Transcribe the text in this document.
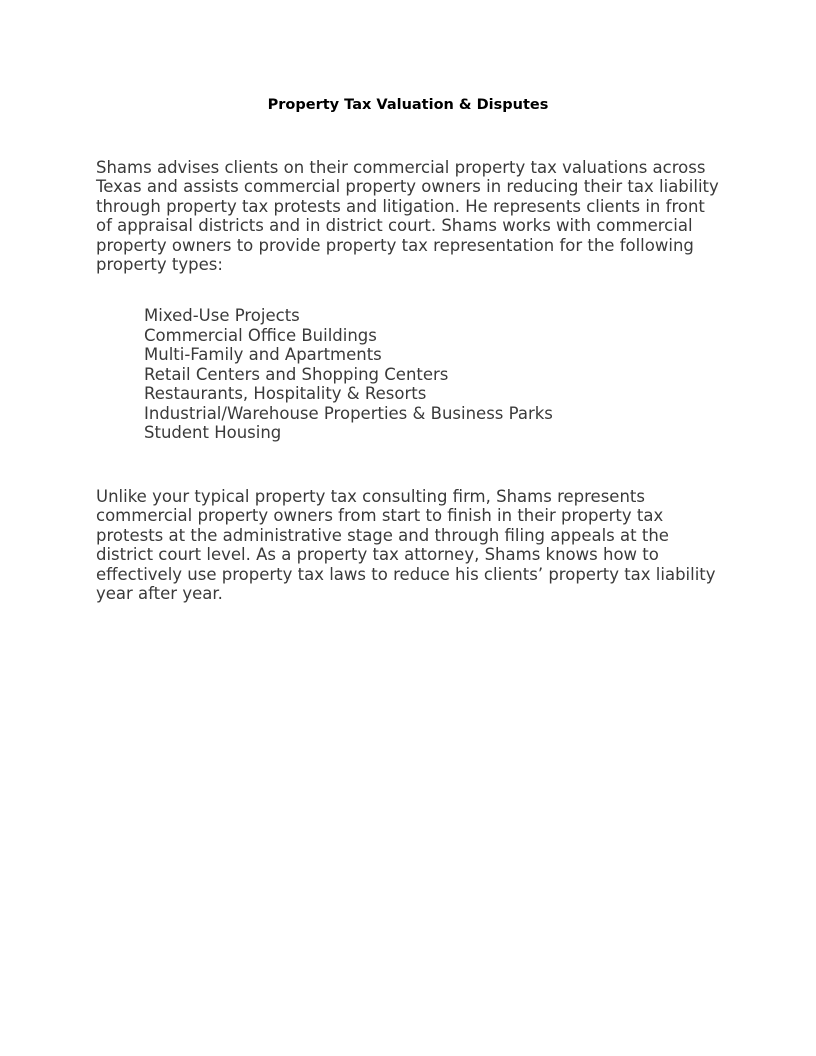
Property Tax Valuation & Disputes

Shams advises clients on their commercial property tax valuations across Texas and assists commercial property owners in reducing their tax liability through property tax protests and litigation. He represents clients in front of appraisal districts and in district court. Shams works with commercial property owners to provide property tax representation for the following property types:

Mixed-Use Projects
Commercial Office Buildings
Multi-Family and Apartments
Retail Centers and Shopping Centers
Restaurants, Hospitality & Resorts
Industrial/Warehouse Properties & Business Parks
Student Housing

Unlike your typical property tax consulting firm, Shams represents commercial property owners from start to finish in their property tax protests at the administrative stage and through filing appeals at the district court level. As a property tax attorney, Shams knows how to effectively use property tax laws to reduce his clients’ property tax liability year after year.
